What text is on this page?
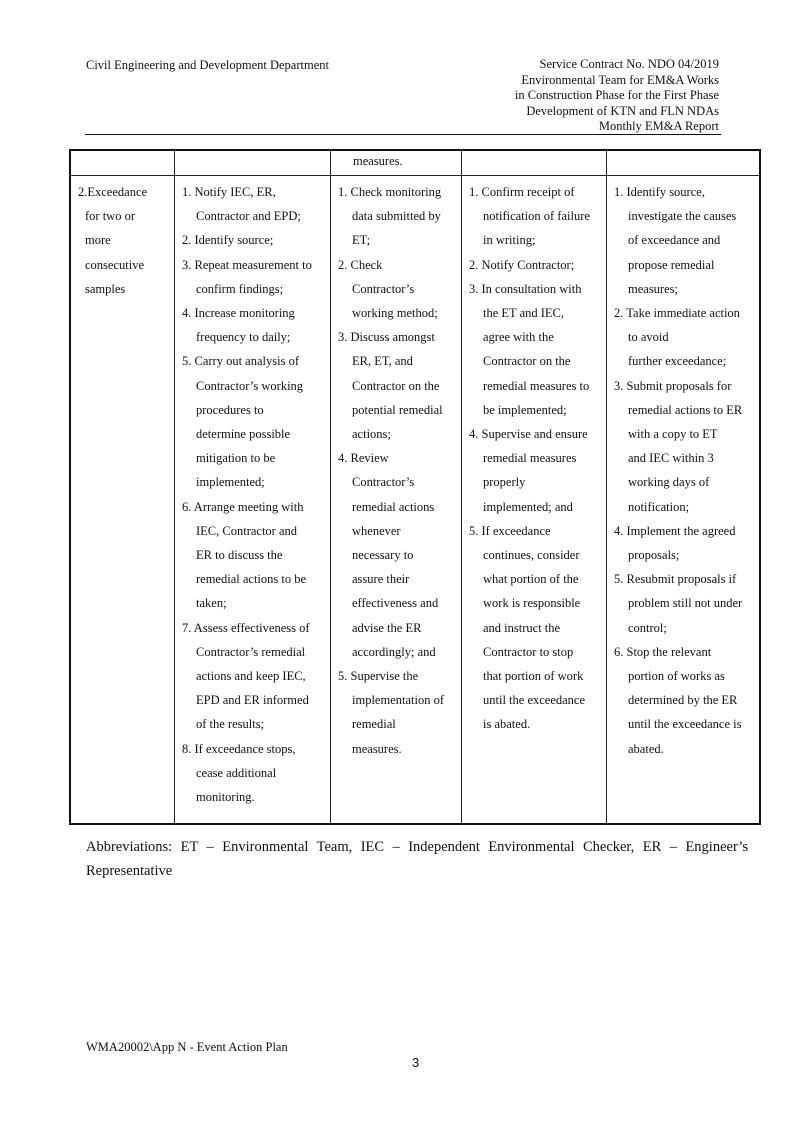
Civil Engineering and Development Department	Service Contract No. NDO 04/2019
Environmental Team for EM&A Works
in Construction Phase for the First Phase
Development of KTN and FLN NDAs
Monthly EM&A Report
measures.
2.Exceedance
for two or
more
consecutive
samples
1. Notify IEC, ER,
Contractor and EPD;
2. Identify source;
3. Repeat measurement to
confirm findings;
4. Increase monitoring
frequency to daily;
5. Carry out analysis of
Contractor’s working
procedures to
determine possible
mitigation to be
implemented;
6. Arrange meeting with
IEC, Contractor and
ER to discuss the
remedial actions to be
taken;
7. Assess effectiveness of
Contractor’s remedial
actions and keep IEC,
EPD and ER informed
of the results;
8. If exceedance stops,
cease additional
monitoring.
1. Check monitoring
data submitted by
ET;
2. Check
Contractor’s
working method;
3. Discuss amongst
ER, ET, and
Contractor on the
potential remedial
actions;
4. Review
Contractor’s
remedial actions
whenever
necessary to
assure their
effectiveness and
advise the ER
accordingly; and
5. Supervise the
implementation of
remedial
measures.
1. Confirm receipt of
notification of failure
in writing;
2. Notify Contractor;
3. In consultation with
the ET and IEC,
agree with the
Contractor on the
remedial measures to
be implemented;
4. Supervise and ensure
remedial measures
properly
implemented; and
5. If exceedance
continues, consider
what portion of the
work is responsible
and instruct the
Contractor to stop
that portion of work
until the exceedance
is abated.
1. Identify source,
investigate the causes
of exceedance and
propose remedial
measures;
2. Take immediate action
to avoid
further exceedance;
3. Submit proposals for
remedial actions to ER
with a copy to ET
and IEC within 3
working days of
notification;
4. Implement the agreed
proposals;
5. Resubmit proposals if
problem still not under
control;
6. Stop the relevant
portion of works as
determined by the ER
until the exceedance is
abated.
Abbreviations: ET – Environmental Team, IEC – Independent Environmental Checker, ER – Engineer’s Representative
WMA20002\App N - Event Action Plan
3
